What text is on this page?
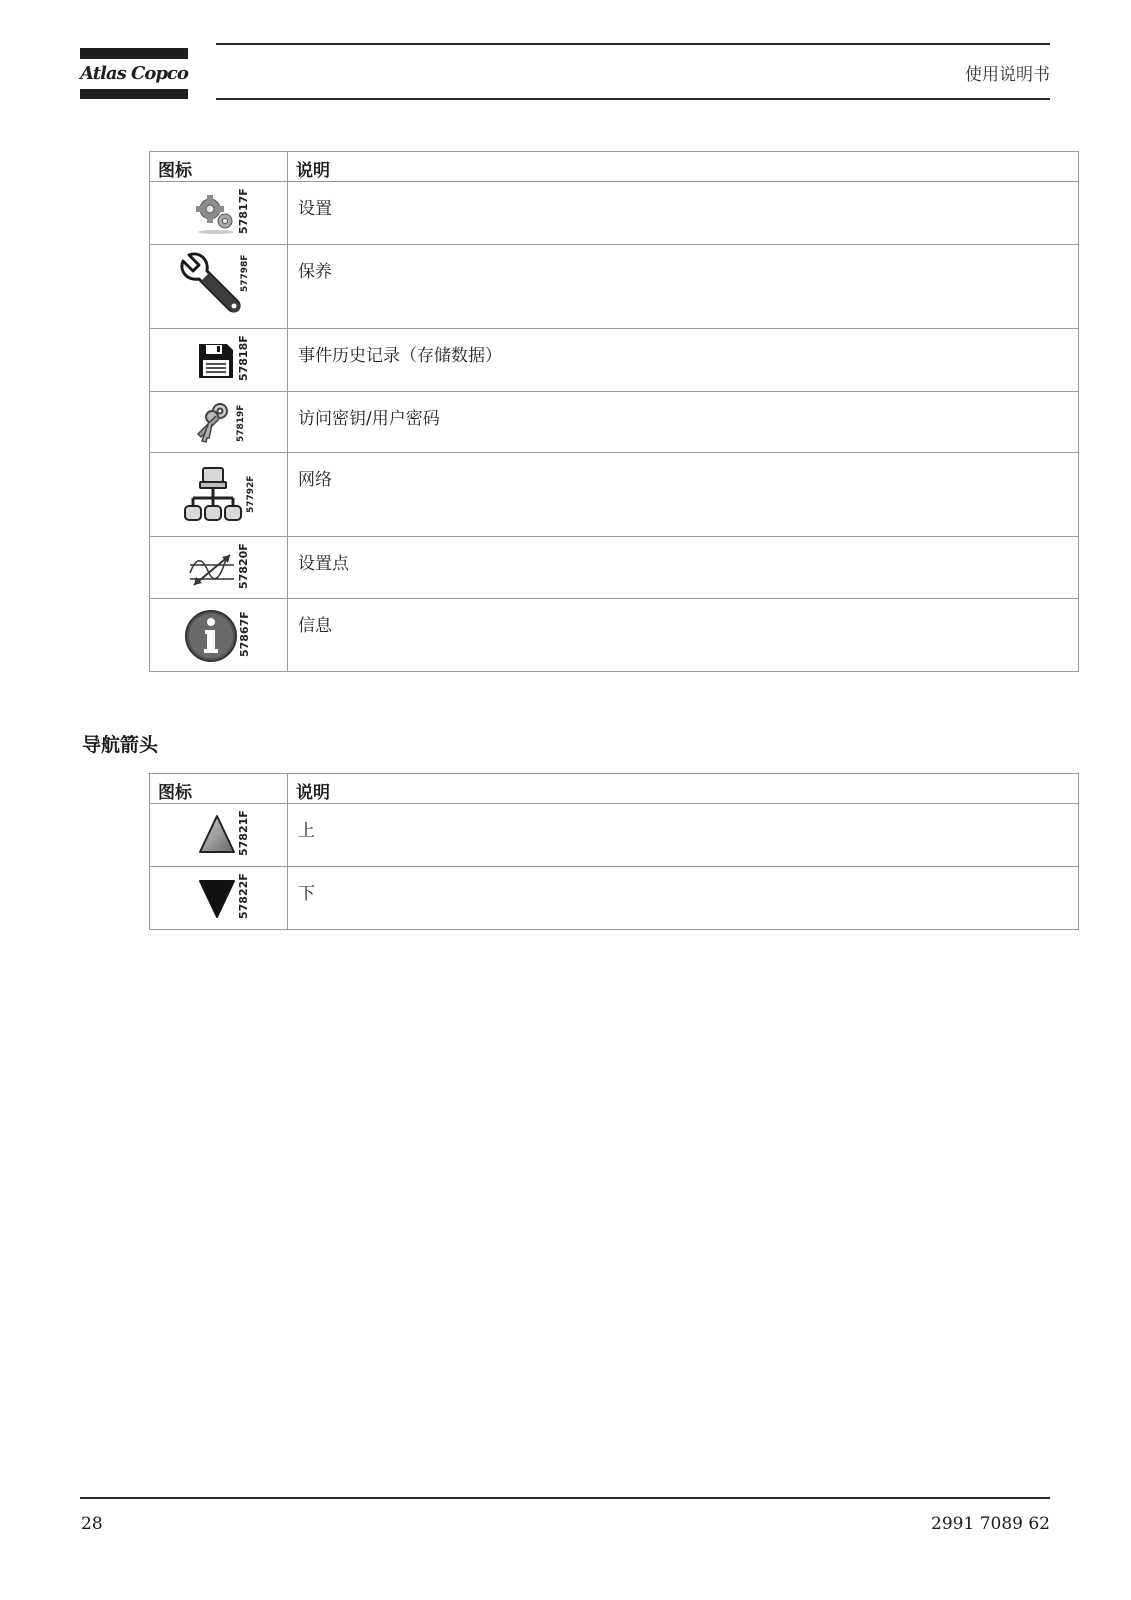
Atlas Copco	使用说明书
图标	说明

57817F	设置

57798F	保养

57818F	事件历史记录（存储数据）

57819F	访问密钥/用户密码

57792F	网络

57820F	设置点

57867F	信息
导航箭头
图标	说明

57821F	上

57822F	下
28	2991 7089 62
